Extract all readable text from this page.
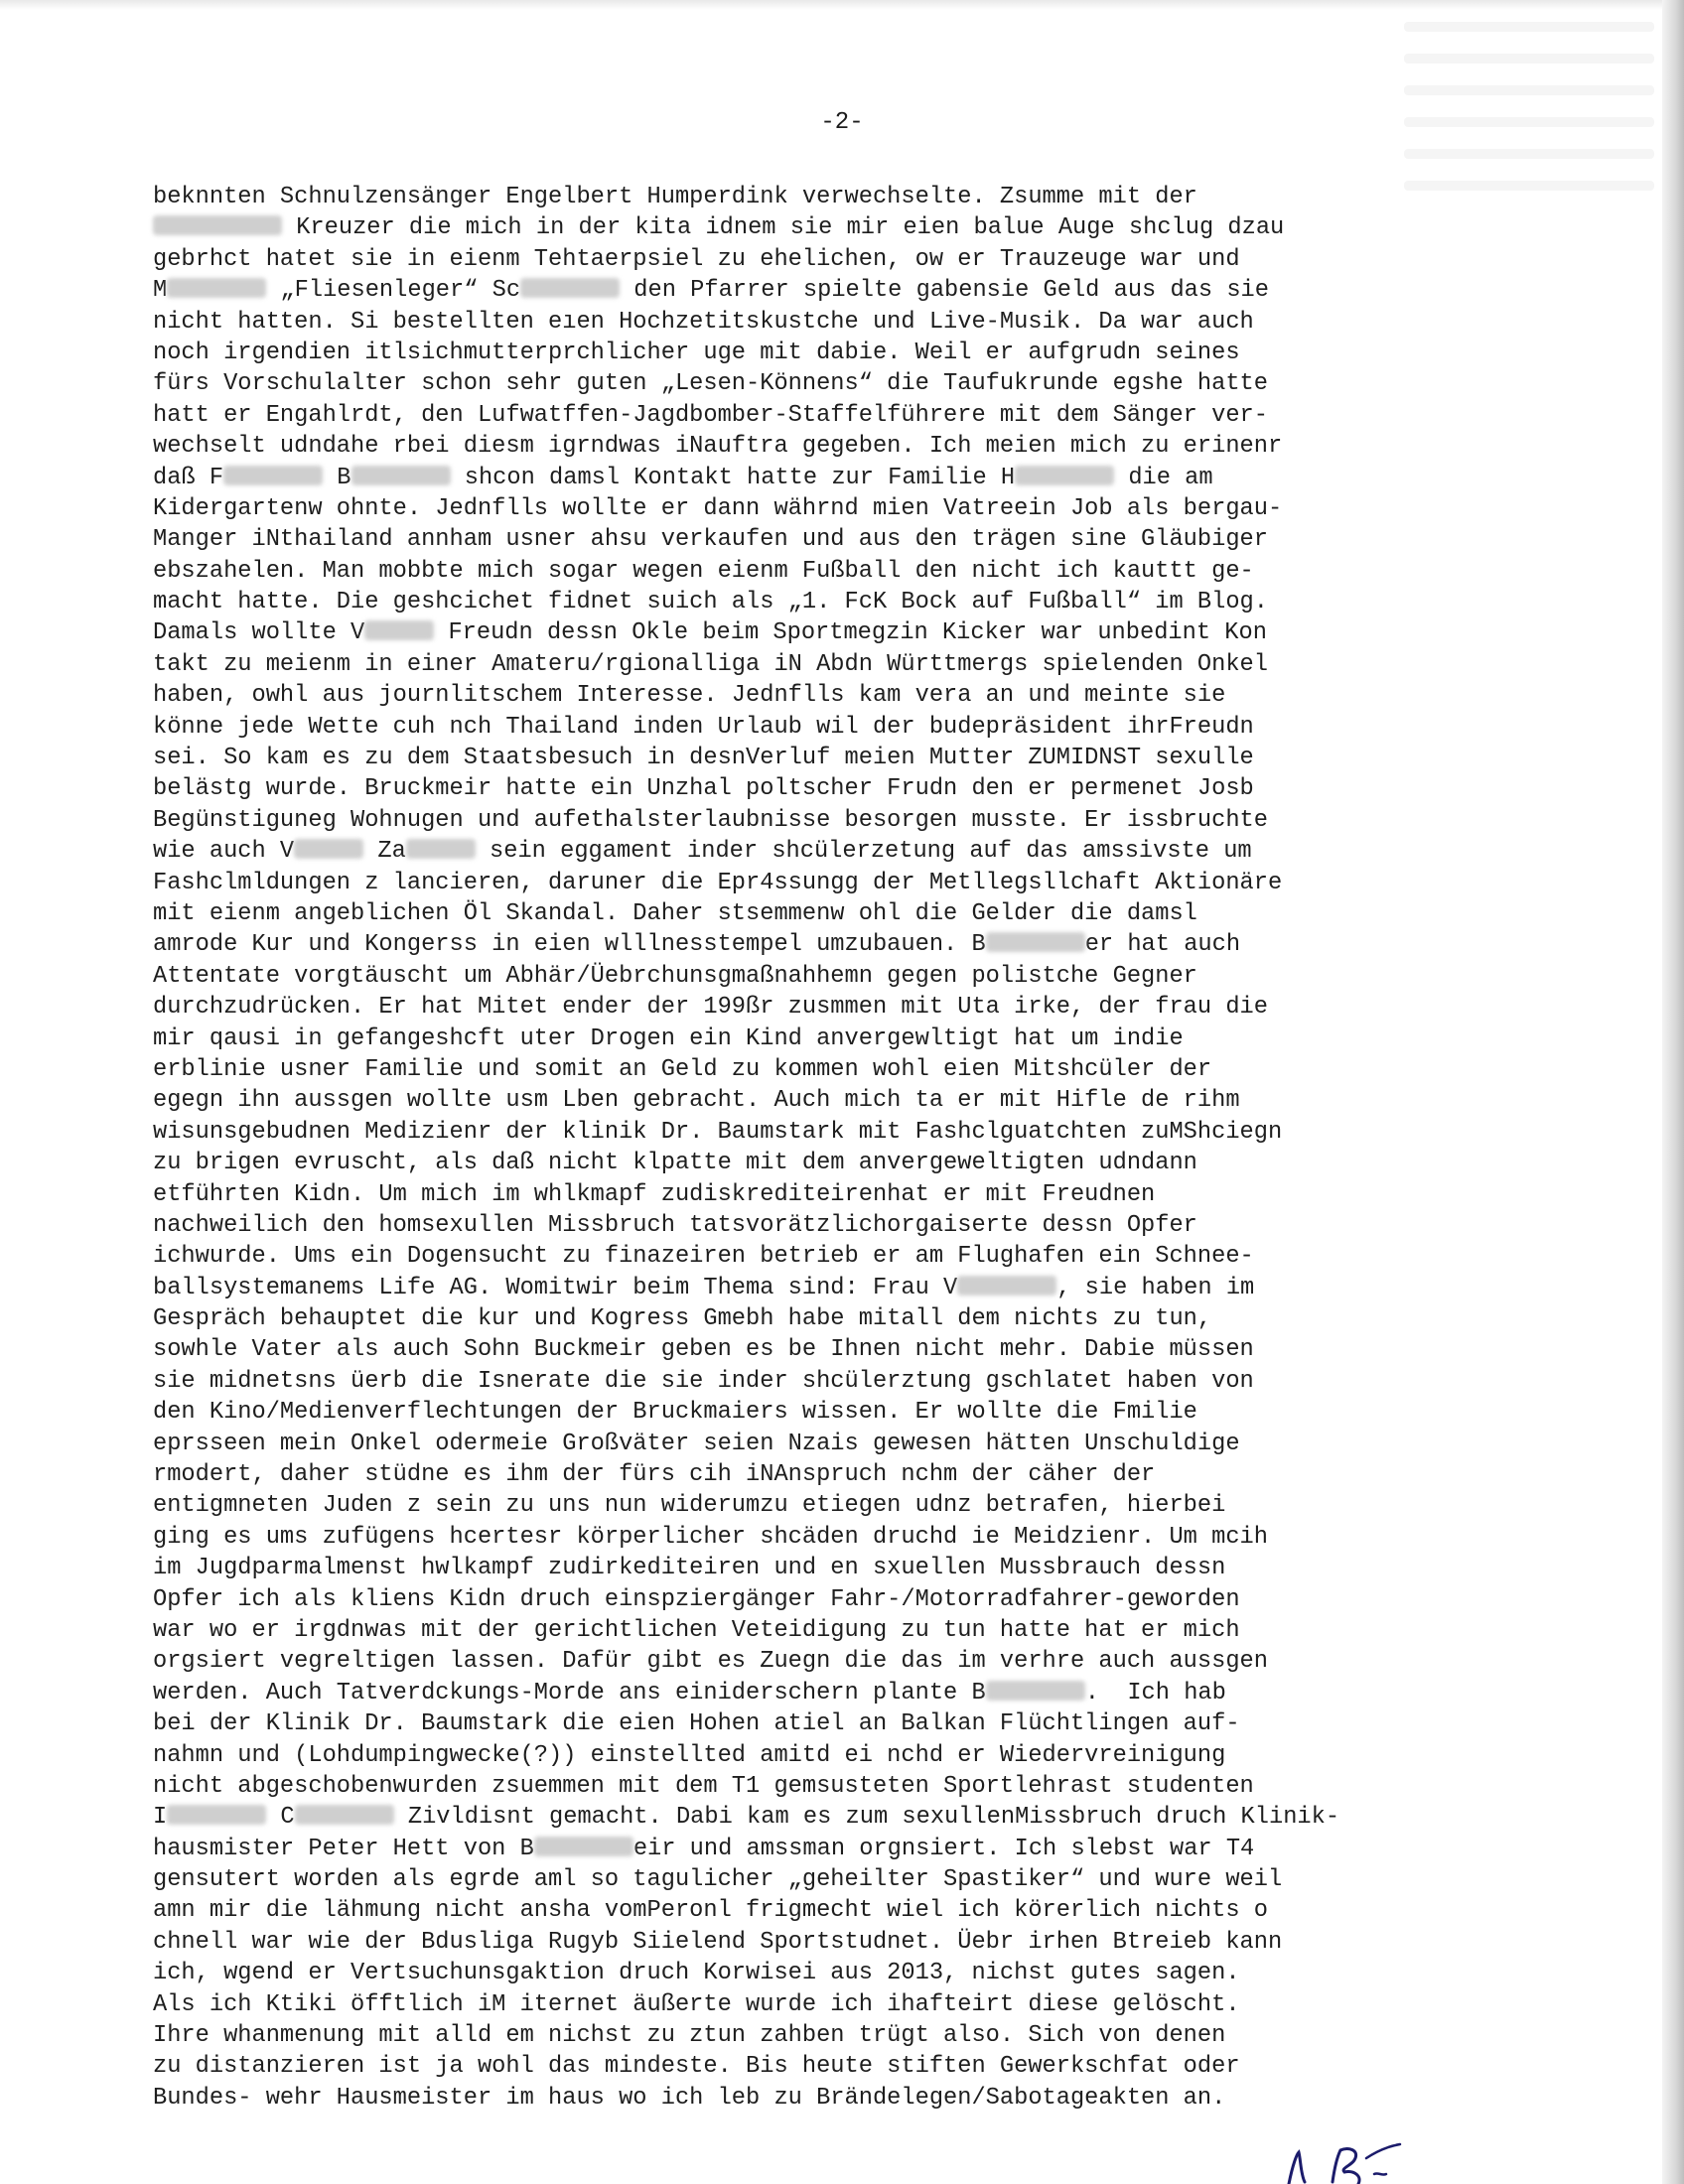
-2-
beknnten Schnulzensänger Engelbert Humperdink verwechselte. Zsumme mit der
Kreuzer die mich in der kita idnem sie mir eien balue Auge shclug dzau
gebrhct hatet sie in eienm Tehtaerpsiel zu ehelichen, ow er Trauzeuge war und
M	„Fliesenleger“ Sc	den Pfarrer spielte gabensie Geld aus das sie
nicht hatten. Si bestellten eıen Hochzetitskustche und Live-Musik. Da war auch
noch irgendien itlsichmutterprchlicher uge mit dabie. Weil er aufgrudn seines
fürs Vorschulalter schon sehr guten „Lesen-Könnens“ die Taufukrunde egshe hatte
hatt er Engahlrdt, den Lufwatffen-Jagdbomber-Staffelführere mit dem Sänger ver-
wechselt udndahe rbei diesm igrndwas iNauftra gegeben. Ich meien mich zu erinenr
daß F	B	shcon damsl Kontakt hatte zur Familie H	die am
Kidergartenw ohnte. Jednflls wollte er dann währnd mien Vatreein Job als bergau-
Manger iNthailand annham usner ahsu verkaufen und aus den trägen sine Gläubiger
ebszahelen. Man mobbte mich sogar wegen eienm Fußball den nicht ich kauttt ge-
macht hatte. Die geshcichet fidnet suich als „1. FcK Bock auf Fußball“ im Blog.
Damals wollte V	Freudn dessn Okle beim Sportmegzin Kicker war unbedint Kon
takt zu meienm in einer Amateru/rgionalliga iN Abdn Württmergs spielenden Onkel
haben, owhl aus journlitschem Interesse. Jednflls kam vera an und meinte sie
könne jede Wette cuh nch Thailand inden Urlaub wil der budepräsident ihrFreudn
sei. So kam es zu dem Staatsbesuch in desnVerluf meien Mutter ZUMIDNST sexulle
belästg wurde. Bruckmeir hatte ein Unzhal poltscher Frudn den er permenet Josb
Begünstiguneg Wohnugen und aufethalsterlaubnisse besorgen musste. Er issbruchte
wie auch V	Za	sein eggament inder shcülerzetung auf das amssivste um
Fashclmldungen z lancieren, daruner die Epr4ssungg der Metllegsllchaft Aktionäre
mit eienm angeblichen Öl Skandal. Daher stsemmenw ohl die Gelder die damsl
amrode Kur und Kongerss in eien wlllnesstempel umzubauen. B	er hat auch
Attentate vorgtäuscht um Abhär/Üebrchunsgmaßnahhemn gegen polistche Gegner
durchzudrücken. Er hat Mitet ender der 199ßr zusmmen mit Uta irke, der frau die
mir qausi in gefangeshcft uter Drogen ein Kind anvergewltigt hat um indie
erblinie usner Familie und somit an Geld zu kommen wohl eien Mitshcüler der
egegn ihn aussgen wollte usm Lben gebracht. Auch mich ta er mit Hifle de rihm
wisunsgebudnen Medizienr der klinik Dr. Baumstark mit Fashclguatchten zuMShciegn
zu brigen evruscht, als daß nicht klpatte mit dem anvergeweltigten udndann
etführten Kidn. Um mich im whlkmapf zudiskrediteirenhat er mit Freudnen
nachweilich den homsexullen Missbruch tatsvorätzlichorgaiserte dessn Opfer
ichwurde. Ums ein Dogensucht zu finazeiren betrieb er am Flughafen ein Schnee-
ballsystemanems Life AG. Womitwir beim Thema sind: Frau V	, sie haben im
Gespräch behauptet die kur und Kogress Gmebh habe mitall dem nichts zu tun,
sowhle Vater als auch Sohn Buckmeir geben es be Ihnen nicht mehr. Dabie müssen
sie midnetsns üerb die Isnerate die sie inder shcülerztung gschlatet haben von
den Kino/Medienverflechtungen der Bruckmaiers wissen. Er wollte die Fmilie
eprsseen mein Onkel odermeie Großväter seien Nzais gewesen hätten Unschuldige
rmodert, daher stüdne es ihm der fürs cih iNAnspruch nchm der cäher der
entigmneten Juden z sein zu uns nun widerumzu etiegen udnz betrafen, hierbei
ging es ums zufügens hcertesr körperlicher shcäden druchd ie Meidzienr. Um mcih
im Jugdparmalmenst hwlkampf zudirkediteiren und en sxuellen Mussbrauch dessn
Opfer ich als kliens Kidn druch einspziergänger Fahr-/Motorradfahrer-geworden
war wo er irgdnwas mit der gerichtlichen Veteidigung zu tun hatte hat er mich
orgsiert vegreltigen lassen. Dafür gibt es Zuegn die das im verhre auch aussgen
werden. Auch Tatverdckungs-Morde ans einiderschern plante B	.  Ich hab
bei der Klinik Dr. Baumstark die eien Hohen atiel an Balkan Flüchtlingen auf-
nahmn und (Lohdumpingwecke(?)) einstellted amitd ei nchd er Wiedervreinigung
nicht abgeschobenwurden zsuemmen mit dem T1 gemsusteten Sportlehrast studenten
I	C	Zivldisnt gemacht. Dabi kam es zum sexullenMissbruch druch Klinik-
hausmister Peter Hett von B	eir und amssman orgnsiert. Ich slebst war T4
gensutert worden als egrde aml so tagulicher „geheilter Spastiker“ und wure weil
amn mir die lähmung nicht ansha vomPeronl frigmecht wiel ich körerlich nichts o
chnell war wie der Bdusliga Rugyb Siielend Sportstudnet. Üebr irhen Btreieb kann
ich, wgend er Vertsuchunsgaktion druch Korwisei aus 2013, nichst gutes sagen.
Als ich Ktiki öfftlich iM iternet äußerte wurde ich ihafteirt diese gelöscht.
Ihre whanmenung mit alld em nichst zu ztun zahben trügt also. Sich von denen
zu distanzieren ist ja wohl das mindeste. Bis heute stiften Gewerkschfat oder
Bundes- wehr Hausmeister im haus wo ich leb zu Brändelegen/Sabotageakten an.
